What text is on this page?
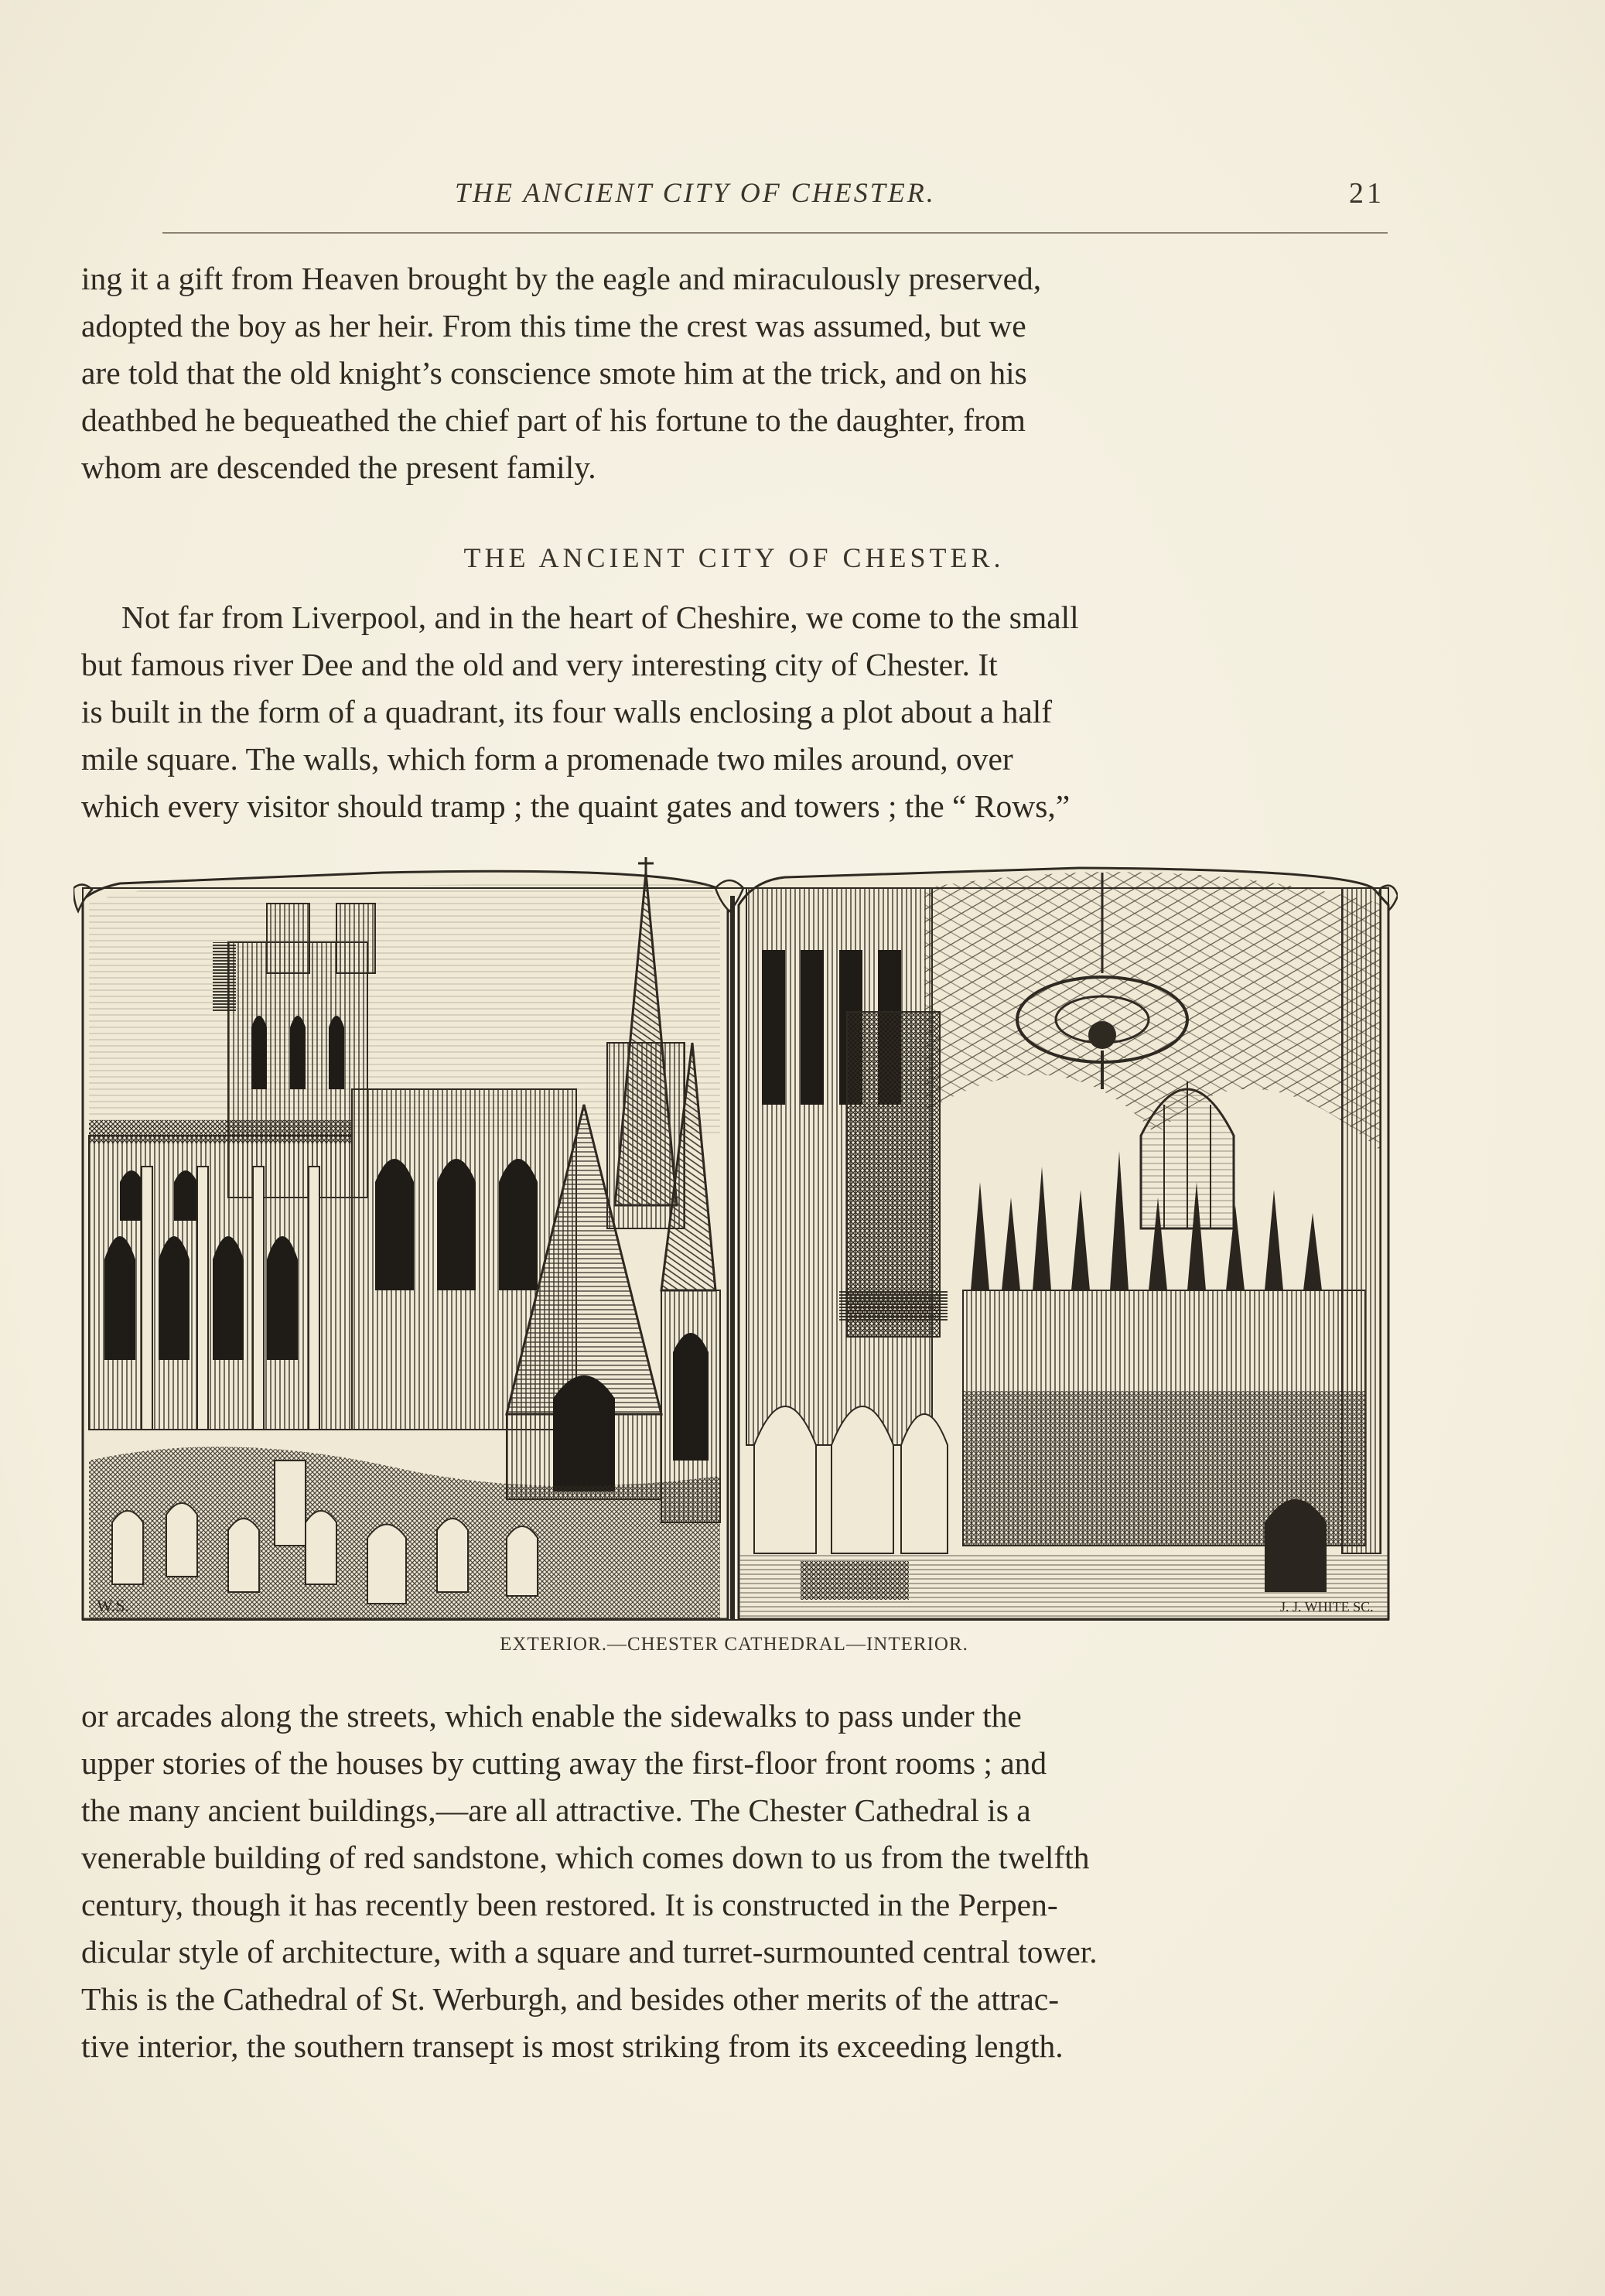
THE ANCIENT CITY OF CHESTER.	21
ing it a gift from Heaven brought by the eagle and miraculously preserved,
adopted the boy as her heir. From this time the crest was assumed, but we
are told that the old knight’s conscience smote him at the trick, and on his
deathbed he bequeathed the chief part of his fortune to the daughter, from
whom are descended the present family.
THE ANCIENT CITY OF CHESTER.
Not far from Liverpool, and in the heart of Cheshire, we come to the small
but famous river Dee and the old and very interesting city of Chester. It
is built in the form of a quadrant, its four walls enclosing a plot about a half
mile square. The walls, which form a promenade two miles around, over
which every visitor should tramp ; the quaint gates and towers ; the “ Rows,”
W.S.	J. J. WHITE SC.
EXTERIOR.—CHESTER CATHEDRAL—INTERIOR.
or arcades along the streets, which enable the sidewalks to pass under the
upper stories of the houses by cutting away the first-floor front rooms ; and
the many ancient buildings,—are all attractive. The Chester Cathedral is a
venerable building of red sandstone, which comes down to us from the twelfth
century, though it has recently been restored. It is constructed in the Perpen-
dicular style of architecture, with a square and turret-surmounted central tower.
This is the Cathedral of St. Werburgh, and besides other merits of the attrac-
tive interior, the southern transept is most striking from its exceeding length.
